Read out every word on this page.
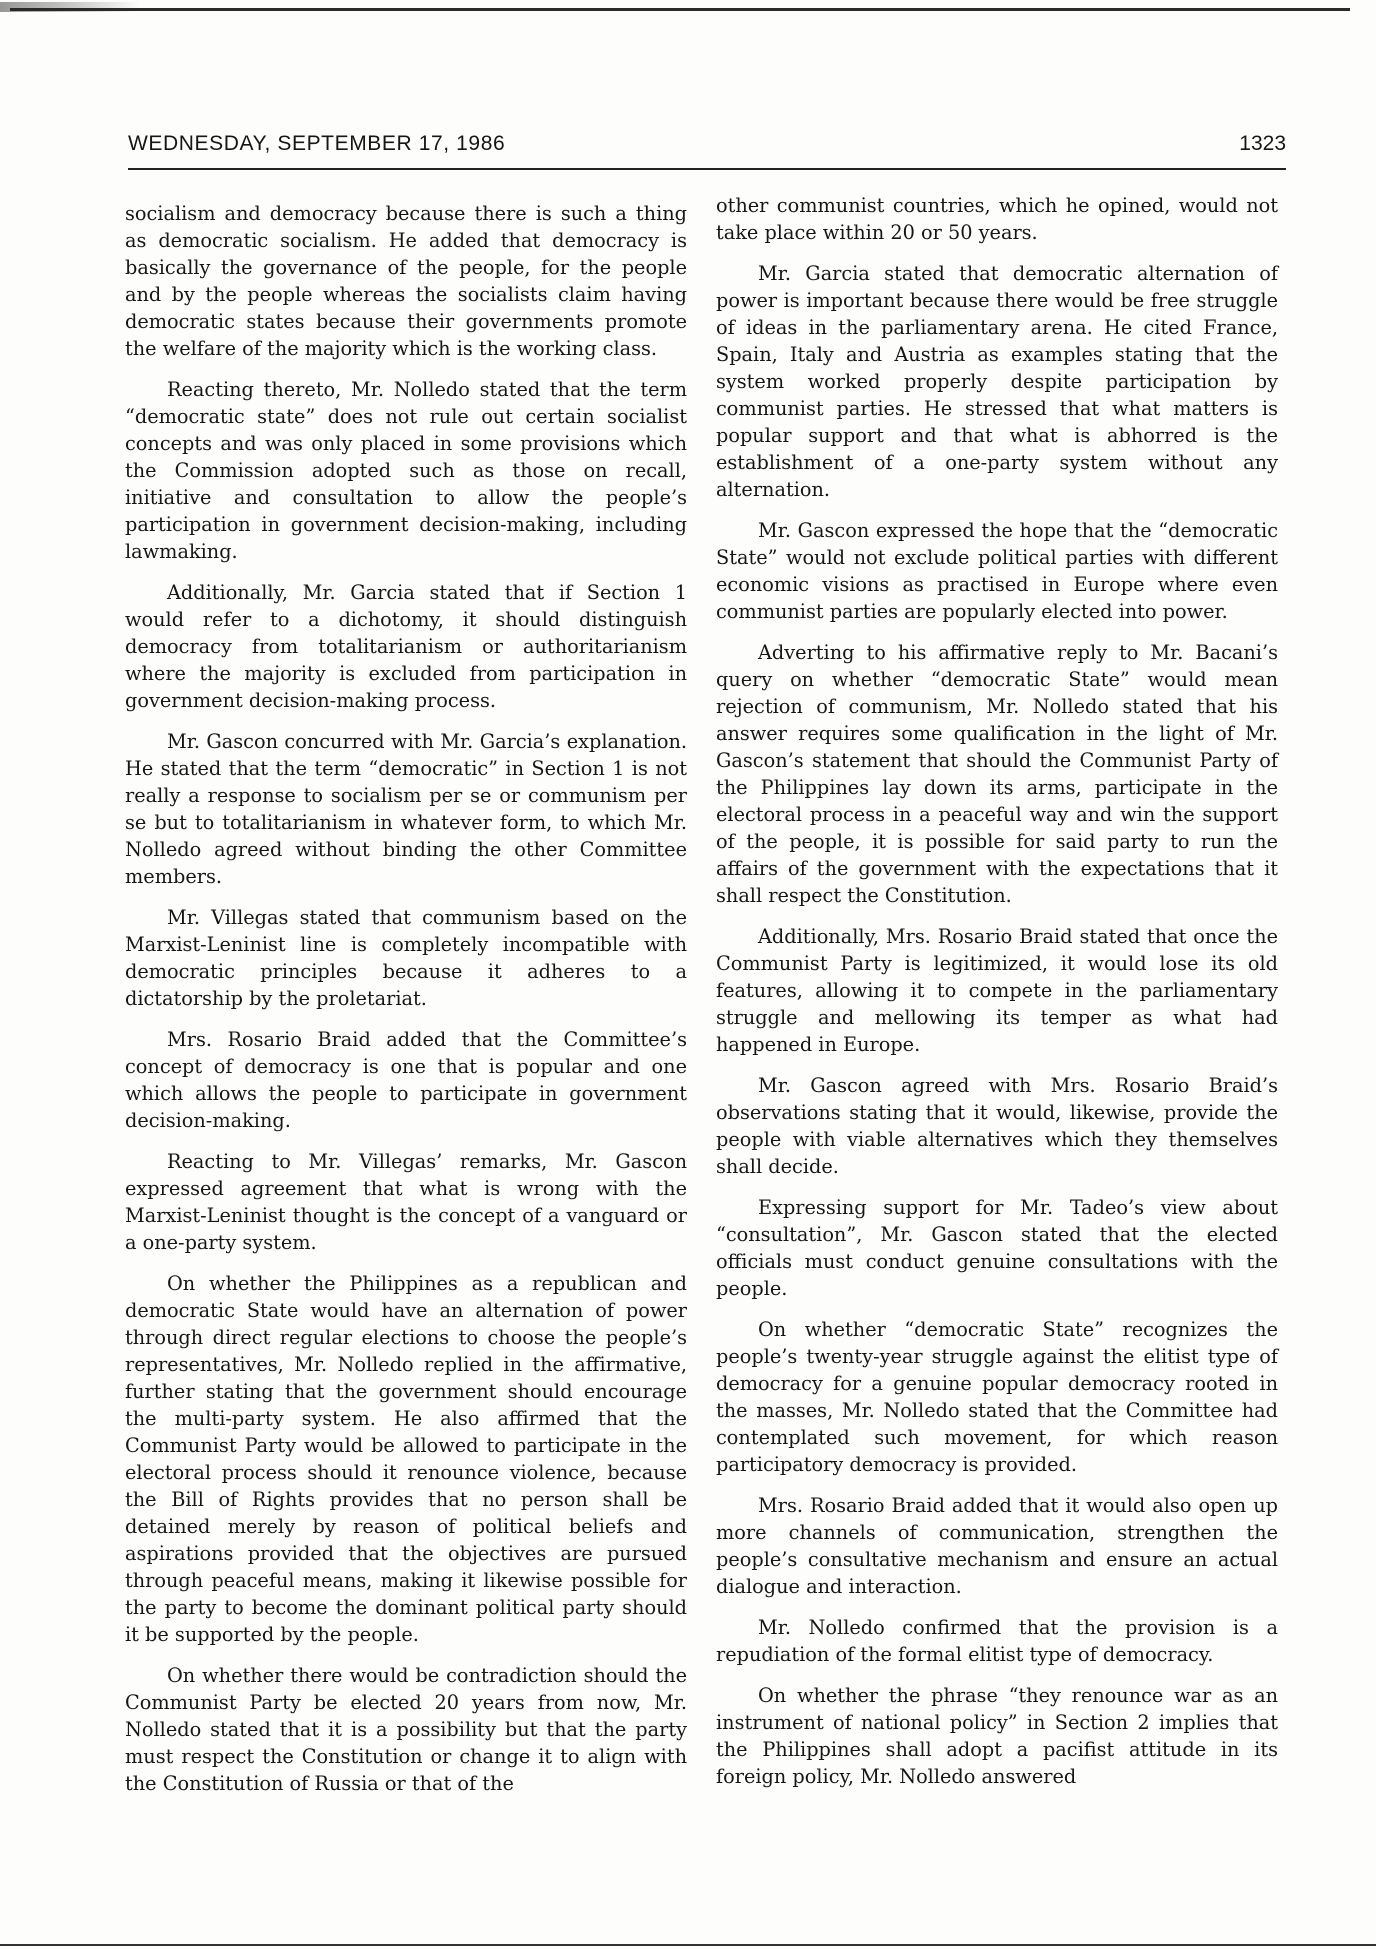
WEDNESDAY, SEPTEMBER 17, 1986	1323

socialism and democracy because there is such a thing as democratic socialism. He added that democracy is basically the governance of the people, for the people and by the people whereas the socialists claim having democratic states because their governments promote the welfare of the majority which is the working class.

Reacting thereto, Mr. Nolledo stated that the term “democratic state” does not rule out certain socialist concepts and was only placed in some provisions which the Commission adopted such as those on recall, initiative and consultation to allow the people’s participation in government decision-making, including lawmaking.

Additionally, Mr. Garcia stated that if Section 1 would refer to a dichotomy, it should distinguish democracy from totalitarianism or authoritarianism where the majority is excluded from participation in government decision-making process.

Mr. Gascon concurred with Mr. Garcia’s explanation. He stated that the term “democratic” in Section 1 is not really a response to socialism per se or communism per se but to totalitarianism in whatever form, to which Mr. Nolledo agreed without binding the other Committee members.

Mr. Villegas stated that communism based on the Marxist-Leninist line is completely incompatible with democratic principles because it adheres to a dictatorship by the proletariat.

Mrs. Rosario Braid added that the Committee’s concept of democracy is one that is popular and one which allows the people to participate in government decision-making.

Reacting to Mr. Villegas’ remarks, Mr. Gascon expressed agreement that what is wrong with the Marxist-Leninist thought is the concept of a vanguard or a one-party system.

On whether the Philippines as a republican and democratic State would have an alternation of power through direct regular elections to choose the people’s representatives, Mr. Nolledo replied in the affirmative, further stating that the government should encourage the multi-party system. He also affirmed that the Communist Party would be allowed to participate in the electoral process should it renounce violence, because the Bill of Rights provides that no person shall be detained merely by reason of political beliefs and aspirations provided that the objectives are pursued through peaceful means, making it likewise possible for the party to become the dominant political party should it be supported by the people.

On whether there would be contradiction should the Communist Party be elected 20 years from now, Mr. Nolledo stated that it is a possibility but that the party must respect the Constitution or change it to align with the Constitution of Russia or that of the

other communist countries, which he opined, would not take place within 20 or 50 years.

Mr. Garcia stated that democratic alternation of power is important because there would be free struggle of ideas in the parliamentary arena. He cited France, Spain, Italy and Austria as examples stating that the system worked properly despite participation by communist parties. He stressed that what matters is popular support and that what is abhorred is the establishment of a one-party system without any alternation.

Mr. Gascon expressed the hope that the “democratic State” would not exclude political parties with different economic visions as practised in Europe where even communist parties are popularly elected into power.

Adverting to his affirmative reply to Mr. Bacani’s query on whether “democratic State” would mean rejection of communism, Mr. Nolledo stated that his answer requires some qualification in the light of Mr. Gascon’s statement that should the Communist Party of the Philippines lay down its arms, participate in the electoral process in a peaceful way and win the support of the people, it is possible for said party to run the affairs of the government with the expectations that it shall respect the Constitution.

Additionally, Mrs. Rosario Braid stated that once the Communist Party is legitimized, it would lose its old features, allowing it to compete in the parliamentary struggle and mellowing its temper as what had happened in Europe.

Mr. Gascon agreed with Mrs. Rosario Braid’s observations stating that it would, likewise, provide the people with viable alternatives which they themselves shall decide.

Expressing support for Mr. Tadeo’s view about “consultation”, Mr. Gascon stated that the elected officials must conduct genuine consultations with the people.

On whether “democratic State” recognizes the people’s twenty-year struggle against the elitist type of democracy for a genuine popular democracy rooted in the masses, Mr. Nolledo stated that the Committee had contemplated such movement, for which reason participatory democracy is provided.

Mrs. Rosario Braid added that it would also open up more channels of communication, strengthen the people’s consultative mechanism and ensure an actual dialogue and interaction.

Mr. Nolledo confirmed that the provision is a repudiation of the formal elitist type of democracy.

On whether the phrase “they renounce war as an instrument of national policy” in Section 2 implies that the Philippines shall adopt a pacifist attitude in its foreign policy, Mr. Nolledo answered
